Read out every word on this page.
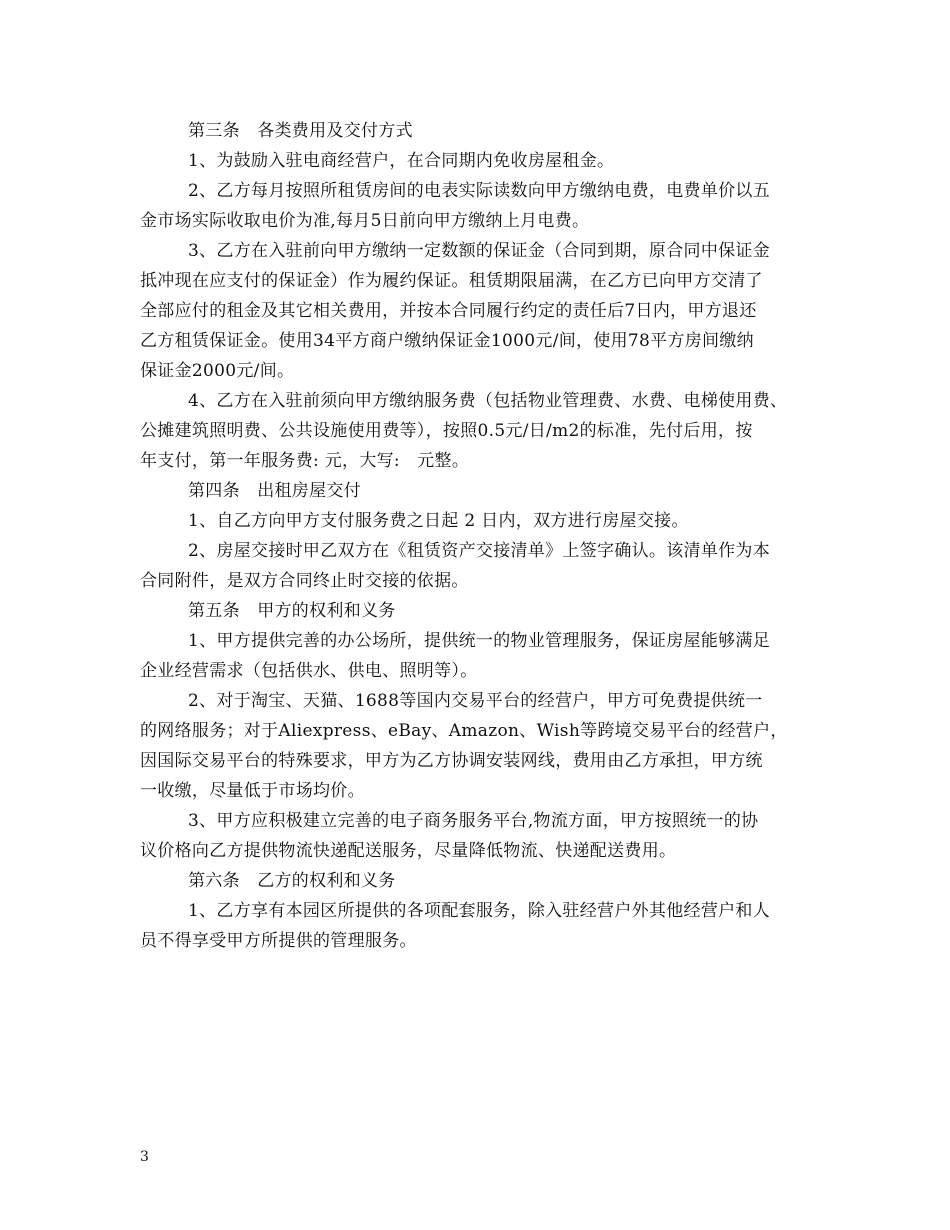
第三条　各类费用及交付方式
1、为鼓励入驻电商经营户，在合同期内免收房屋租金。
2、乙方每月按照所租赁房间的电表实际读数向甲方缴纳电费，电费单价以五
金市场实际收取电价为准,每月5日前向甲方缴纳上月电费。
3、乙方在入驻前向甲方缴纳一定数额的保证金（合同到期，原合同中保证金
抵冲现在应支付的保证金）作为履约保证。租赁期限届满，在乙方已向甲方交清了
全部应付的租金及其它相关费用，并按本合同履行约定的责任后7日内，甲方退还
乙方租赁保证金。使用34平方商户缴纳保证金1000元/间，使用78平方房间缴纳
保证金2000元/间。
4、乙方在入驻前须向甲方缴纳服务费（包括物业管理费、水费、电梯使用费、
公摊建筑照明费、公共设施使用费等），按照0.5元/日/m2的标准，先付后用，按
年支付，第一年服务费: 元，大写:　元整。
第四条　出租房屋交付
1、自乙方向甲方支付服务费之日起 2 日内，双方进行房屋交接。
2、房屋交接时甲乙双方在《租赁资产交接清单》上签字确认。该清单作为本
合同附件，是双方合同终止时交接的依据。
第五条　甲方的权利和义务
1、甲方提供完善的办公场所，提供统一的物业管理服务，保证房屋能够满足
企业经营需求（包括供水、供电、照明等）。
2、对于淘宝、天猫、1688等国内交易平台的经营户，甲方可免费提供统一
的网络服务；对于Aliexpress、eBay、Amazon、Wish等跨境交易平台的经营户，
因国际交易平台的特殊要求，甲方为乙方协调安装网线，费用由乙方承担，甲方统
一收缴，尽量低于市场均价。
3、甲方应积极建立完善的电子商务服务平台,物流方面，甲方按照统一的协
议价格向乙方提供物流快递配送服务，尽量降低物流、快递配送费用。
第六条　乙方的权利和义务
1、乙方享有本园区所提供的各项配套服务，除入驻经营户外其他经营户和人
员不得享受甲方所提供的管理服务。
3
